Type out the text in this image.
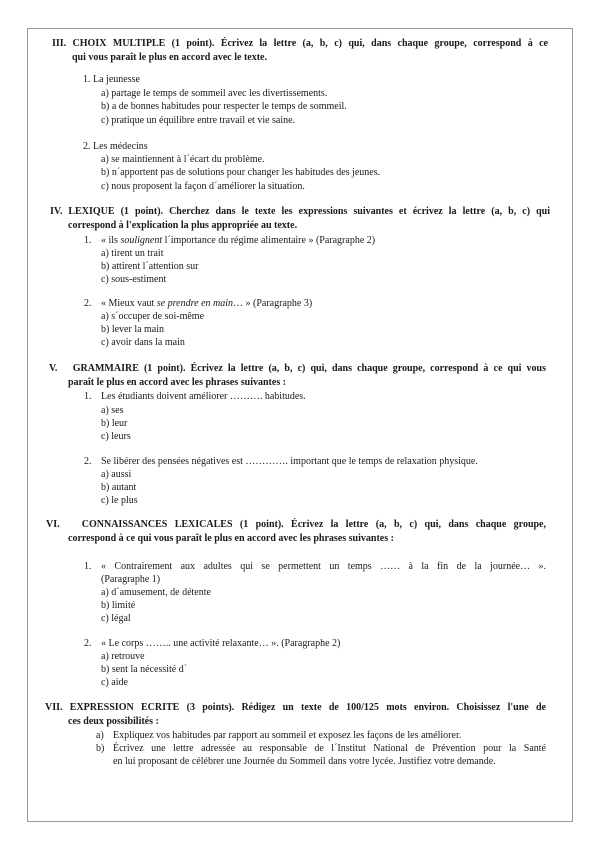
III. CHOIX MULTIPLE (1 point). Écrivez la lettre (a, b, c) qui, dans chaque groupe, correspond à ce
qui vous paraît le plus en accord avec le texte.
1. La jeunesse
a) partage le temps de sommeil avec les divertissements.
b) a de bonnes habitudes pour respecter le temps de sommeil.
c) pratique un équilibre entre travail et vie saine.
2. Les médecins
a) se maintiennent à l´écart du problème.
b) n´apportent pas de solutions pour changer les habitudes des jeunes.
c) nous proposent la façon d´améliorer la situation.
IV. LEXIQUE (1 point). Cherchez dans le texte les expressions suivantes et écrivez la lettre (a, b, c) qui
correspond à l'explication la plus appropriée au texte.
1. « ils soulignent l´importance du régime alimentaire » (Paragraphe 2)
a) tirent un trait
b) attirent l´attention sur
c) sous-estiment
2. « Mieux vaut se prendre en main… » (Paragraphe 3)
a) s´occuper de soi-même
b) lever la main
c) avoir dans la main
V.   GRAMMAIRE (1 point). Écrivez la lettre (a, b, c) qui, dans chaque groupe, correspond à ce qui vous
paraît le plus en accord avec les phrases suivantes :
1. Les étudiants doivent améliorer ………. habitudes.
a) ses
b) leur
c) leurs
2. Se libérer des pensées négatives est …………. important que le temps de relaxation physique.
a) aussi
b) autant
c) le plus
VI.   CONNAISSANCES LEXICALES (1 point). Écrivez la lettre (a, b, c) qui, dans chaque groupe,
correspond à ce qui vous paraît le plus en accord avec les phrases suivantes :
1. « Contrairement aux adultes qui se permettent un temps …… à la fin de la journée… ».
(Paragraphe 1)
a) d´amusement, de détente
b) limité
c) légal
2. « Le corps …….. une activité relaxante… ». (Paragraphe 2)
a) retrouve
b) sent la nécessité d´
c) aide
VII. EXPRESSION ECRITE (3 points). Rédigez un texte de 100/125 mots environ. Choisissez l'une de
ces deux possibilités :
a) Expliquez vos habitudes par rapport au sommeil et exposez les façons de les améliorer.
b) Écrivez une lettre adressée au responsable de l´Institut National de Prévention pour la Santé
en lui proposant de célébrer une Journée du Sommeil dans votre lycée. Justifiez votre demande.
